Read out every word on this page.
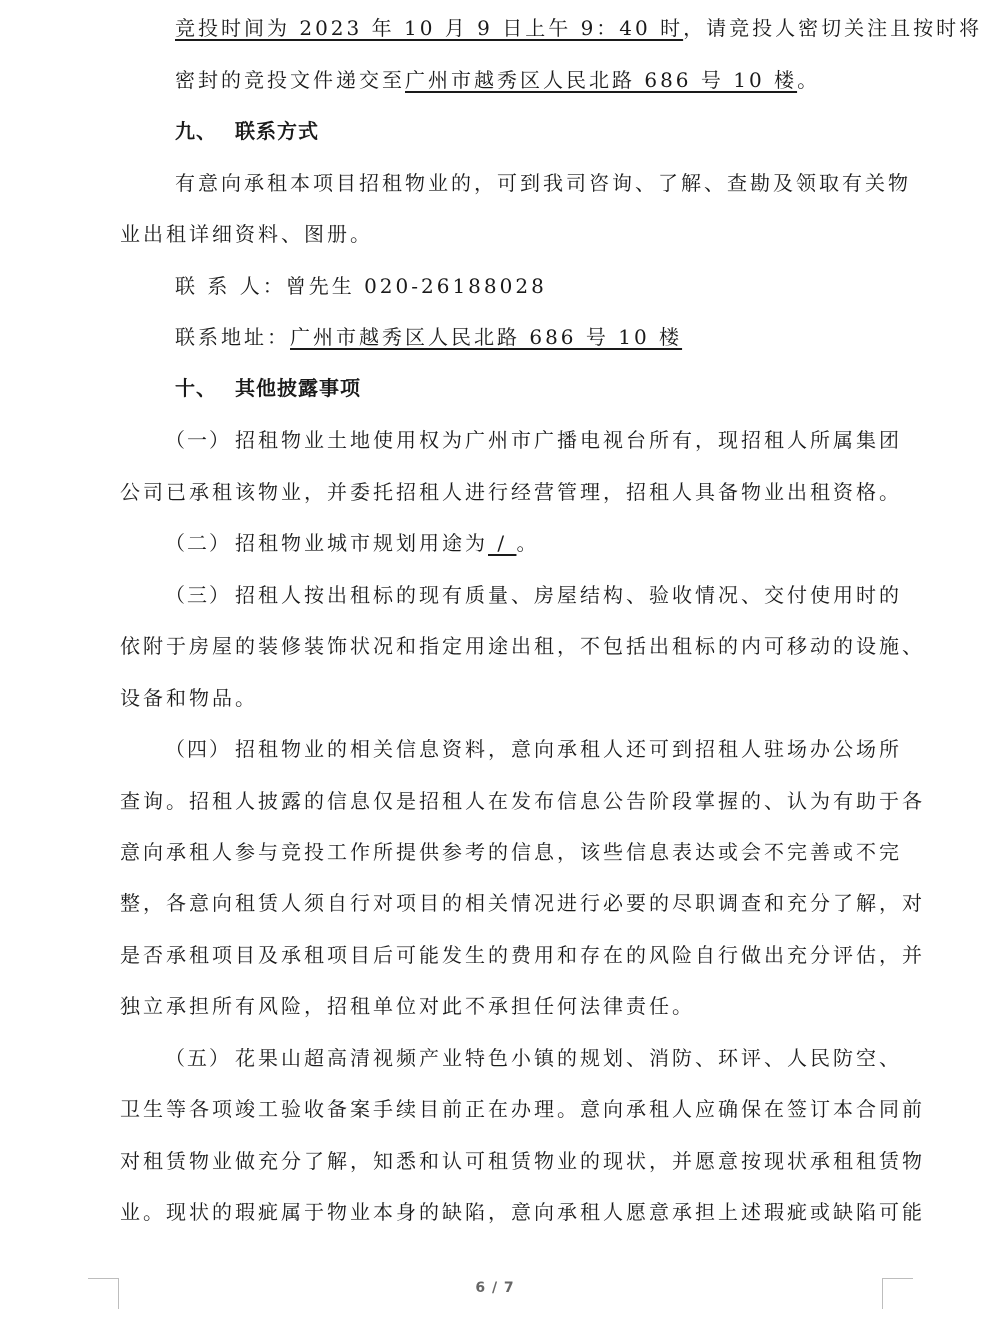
竞投时间为 2023 年 10 月 9 日上午 9：40 时，请竞投人密切关注且按时将
密封的竞投文件递交至广州市越秀区人民北路 686 号 10 楼。
九、 联系方式
有意向承租本项目招租物业的，可到我司咨询、了解、查勘及领取有关物
业出租详细资料、图册。
联 系 人：曾先生 020-26188028
联系地址：广州市越秀区人民北路 686 号 10 楼
十、 其他披露事项
（一） 招租物业土地使用权为广州市广播电视台所有，现招租人所属集团
公司已承租该物业，并委托招租人进行经营管理，招租人具备物业出租资格。
（二） 招租物业城市规划用途为 / 。
（三） 招租人按出租标的现有质量、房屋结构、验收情况、交付使用时的
依附于房屋的装修装饰状况和指定用途出租，不包括出租标的内可移动的设施、
设备和物品。
（四） 招租物业的相关信息资料，意向承租人还可到招租人驻场办公场所
查询。招租人披露的信息仅是招租人在发布信息公告阶段掌握的、认为有助于各
意向承租人参与竞投工作所提供参考的信息，该些信息表达或会不完善或不完
整，各意向租赁人须自行对项目的相关情况进行必要的尽职调查和充分了解，对
是否承租项目及承租项目后可能发生的费用和存在的风险自行做出充分评估，并
独立承担所有风险，招租单位对此不承担任何法律责任。
（五） 花果山超高清视频产业特色小镇的规划、消防、环评、人民防空、
卫生等各项竣工验收备案手续目前正在办理。意向承租人应确保在签订本合同前
对租赁物业做充分了解，知悉和认可租赁物业的现状，并愿意按现状承租租赁物
业。现状的瑕疵属于物业本身的缺陷，意向承租人愿意承担上述瑕疵或缺陷可能
6 / 7
